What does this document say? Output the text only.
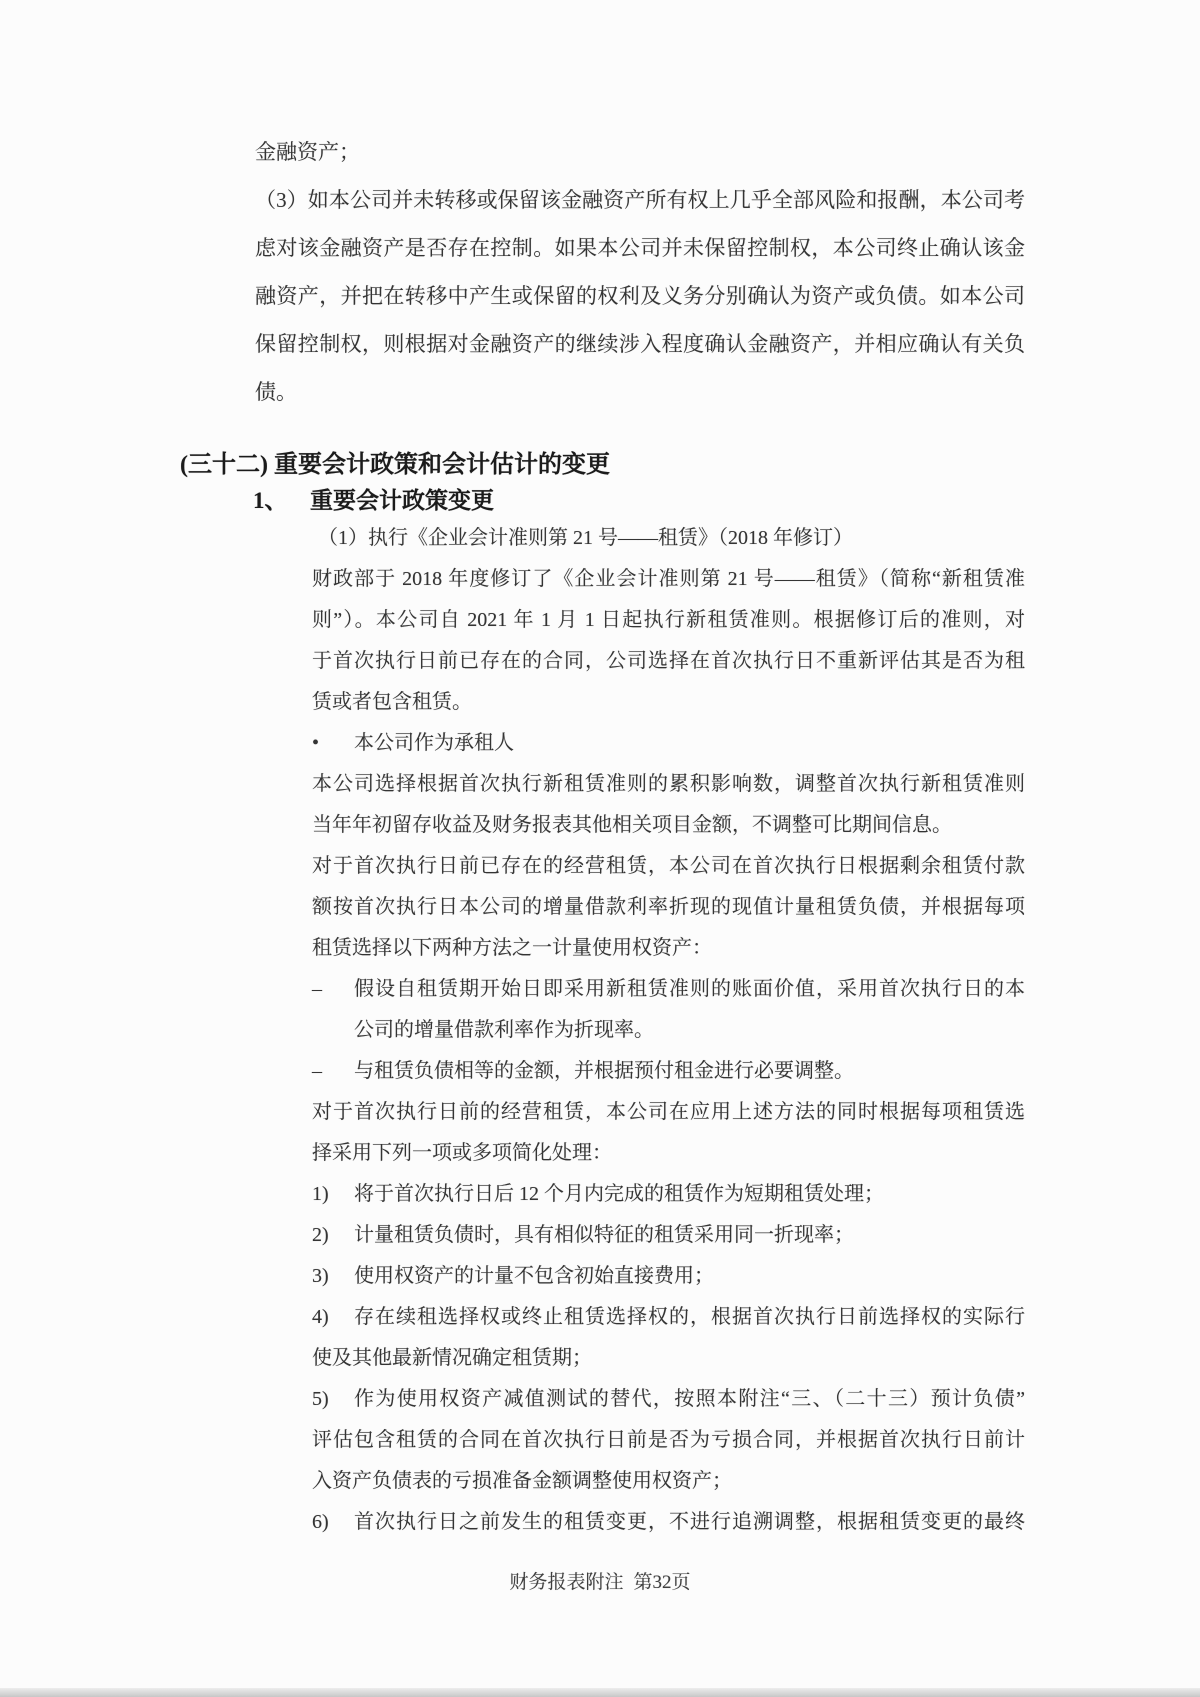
金融资产；
（3）如本公司并未转移或保留该金融资产所有权上几乎全部风险和报酬，本公司考
虑对该金融资产是否存在控制。如果本公司并未保留控制权，本公司终止确认该金
融资产，并把在转移中产生或保留的权利及义务分别确认为资产或负债。如本公司
保留控制权，则根据对金融资产的继续涉入程度确认金融资产，并相应确认有关负
债。
(三十二) 重要会计政策和会计估计的变更
1、 重要会计政策变更
（1）执行《企业会计准则第 21 号——租赁》（2018 年修订）
财政部于 2018 年度修订了《企业会计准则第 21 号——租赁》（简称“新租赁准
则”）。本公司自 2021 年 1 月 1 日起执行新租赁准则。根据修订后的准则，对
于首次执行日前已存在的合同，公司选择在首次执行日不重新评估其是否为租
赁或者包含租赁。
•	本公司作为承租人
本公司选择根据首次执行新租赁准则的累积影响数，调整首次执行新租赁准则
当年年初留存收益及财务报表其他相关项目金额，不调整可比期间信息。
对于首次执行日前已存在的经营租赁，本公司在首次执行日根据剩余租赁付款
额按首次执行日本公司的增量借款利率折现的现值计量租赁负债，并根据每项
租赁选择以下两种方法之一计量使用权资产：
–	假设自租赁期开始日即采用新租赁准则的账面价值，采用首次执行日的本
公司的增量借款利率作为折现率。
–	与租赁负债相等的金额，并根据预付租金进行必要调整。
对于首次执行日前的经营租赁，本公司在应用上述方法的同时根据每项租赁选
择采用下列一项或多项简化处理：
1)	将于首次执行日后 12 个月内完成的租赁作为短期租赁处理；
2)	计量租赁负债时，具有相似特征的租赁采用同一折现率；
3)	使用权资产的计量不包含初始直接费用；
4)	存在续租选择权或终止租赁选择权的，根据首次执行日前选择权的实际行
使及其他最新情况确定租赁期；
5)	作为使用权资产减值测试的替代，按照本附注“三、（二十三）预计负债”
评估包含租赁的合同在首次执行日前是否为亏损合同，并根据首次执行日前计
入资产负债表的亏损准备金额调整使用权资产；
6)	首次执行日之前发生的租赁变更，不进行追溯调整，根据租赁变更的最终
财务报表附注 第32页
